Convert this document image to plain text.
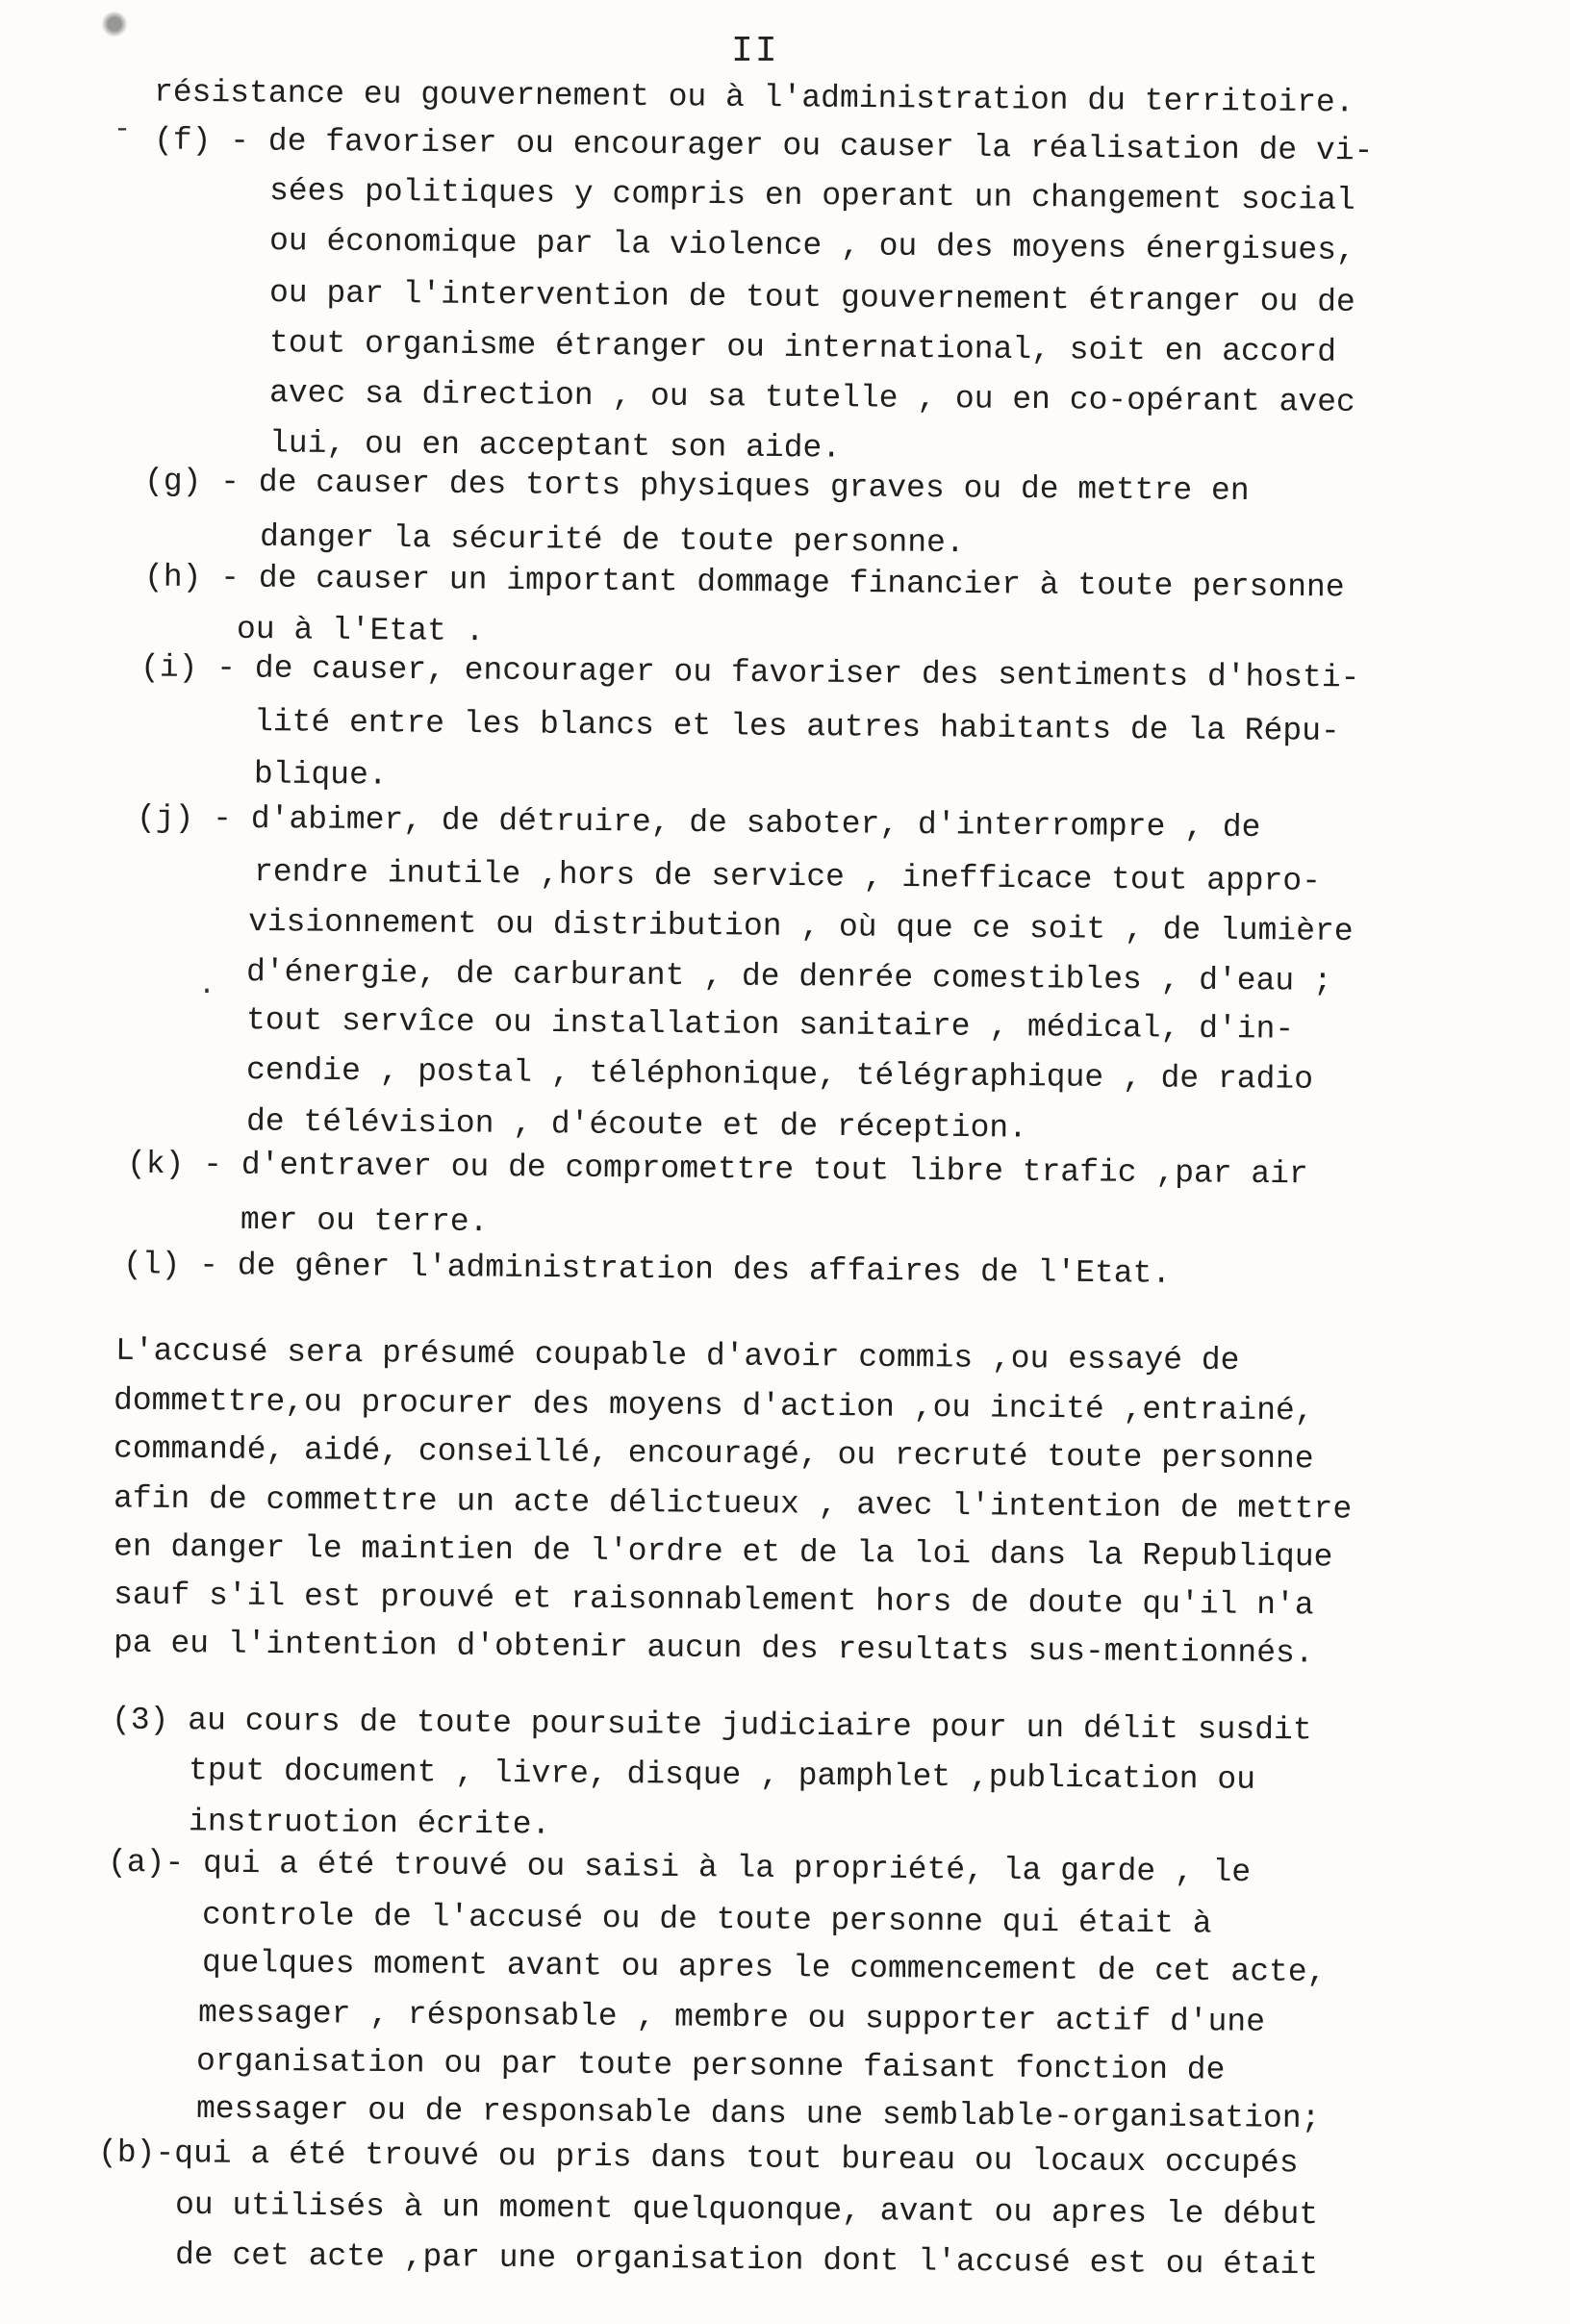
II
-
.
résistance eu gouvernement ou à l'administration du territoire.
(f) - de favoriser ou encourager ou causer la réalisation de vi-
sées politiques y compris en operant un changement social
ou économique par la violence , ou des moyens énergisues,
ou par l'intervention de tout gouvernement étranger ou de
tout organisme étranger ou international, soit en accord
avec sa direction , ou sa tutelle , ou en co-opérant avec
lui, ou en acceptant son aide.
(g) - de causer des torts physiques graves ou de mettre en
danger la sécurité de toute personne.
(h) - de causer un important dommage financier à toute personne
ou à l'Etat .
(i) - de causer, encourager ou favoriser des sentiments d'hosti-
lité entre les blancs et les autres habitants de la Répu-
blique.
(j) - d'abimer, de détruire, de saboter, d'interrompre , de
rendre inutile ,hors de service , inefficace tout appro-
visionnement ou distribution , où que ce soit , de lumière
d'énergie, de carburant , de denrée comestibles , d'eau ;
tout servîce ou installation sanitaire , médical, d'in-
cendie , postal , téléphonique, télégraphique , de radio
de télévision , d'écoute et de réception.
(k) - d'entraver ou de compromettre tout libre trafic ,par air
mer ou terre.
(l) - de gêner l'administration des affaires de l'Etat.
L'accusé sera présumé coupable d'avoir commis ,ou essayé de
dommettre,ou procurer des moyens d'action ,ou incité ,entrainé,
commandé, aidé, conseillé, encouragé, ou recruté toute personne
afin de commettre un acte délictueux , avec l'intention de mettre
en danger le maintien de l'ordre et de la loi dans la Republique
sauf s'il est prouvé et raisonnablement hors de doute qu'il n'a
pa eu l'intention d'obtenir aucun des resultats sus-mentionnés.
(3) au cours de toute poursuite judiciaire pour un délit susdit
tput document , livre, disque , pamphlet ,publication ou
instruotion écrite.
(a)- qui a été trouvé ou saisi à la propriété, la garde , le
controle de l'accusé ou de toute personne qui était à
quelques moment avant ou apres le commencement de cet acte,
messager , résponsable , membre ou supporter actif d'une
organisation ou par toute personne faisant fonction de
messager ou de responsable dans une semblable-organisation;
(b)-qui a été trouvé ou pris dans tout bureau ou locaux occupés
ou utilisés à un moment quelquonque, avant ou apres le début
de cet acte ,par une organisation dont l'accusé est ou était
